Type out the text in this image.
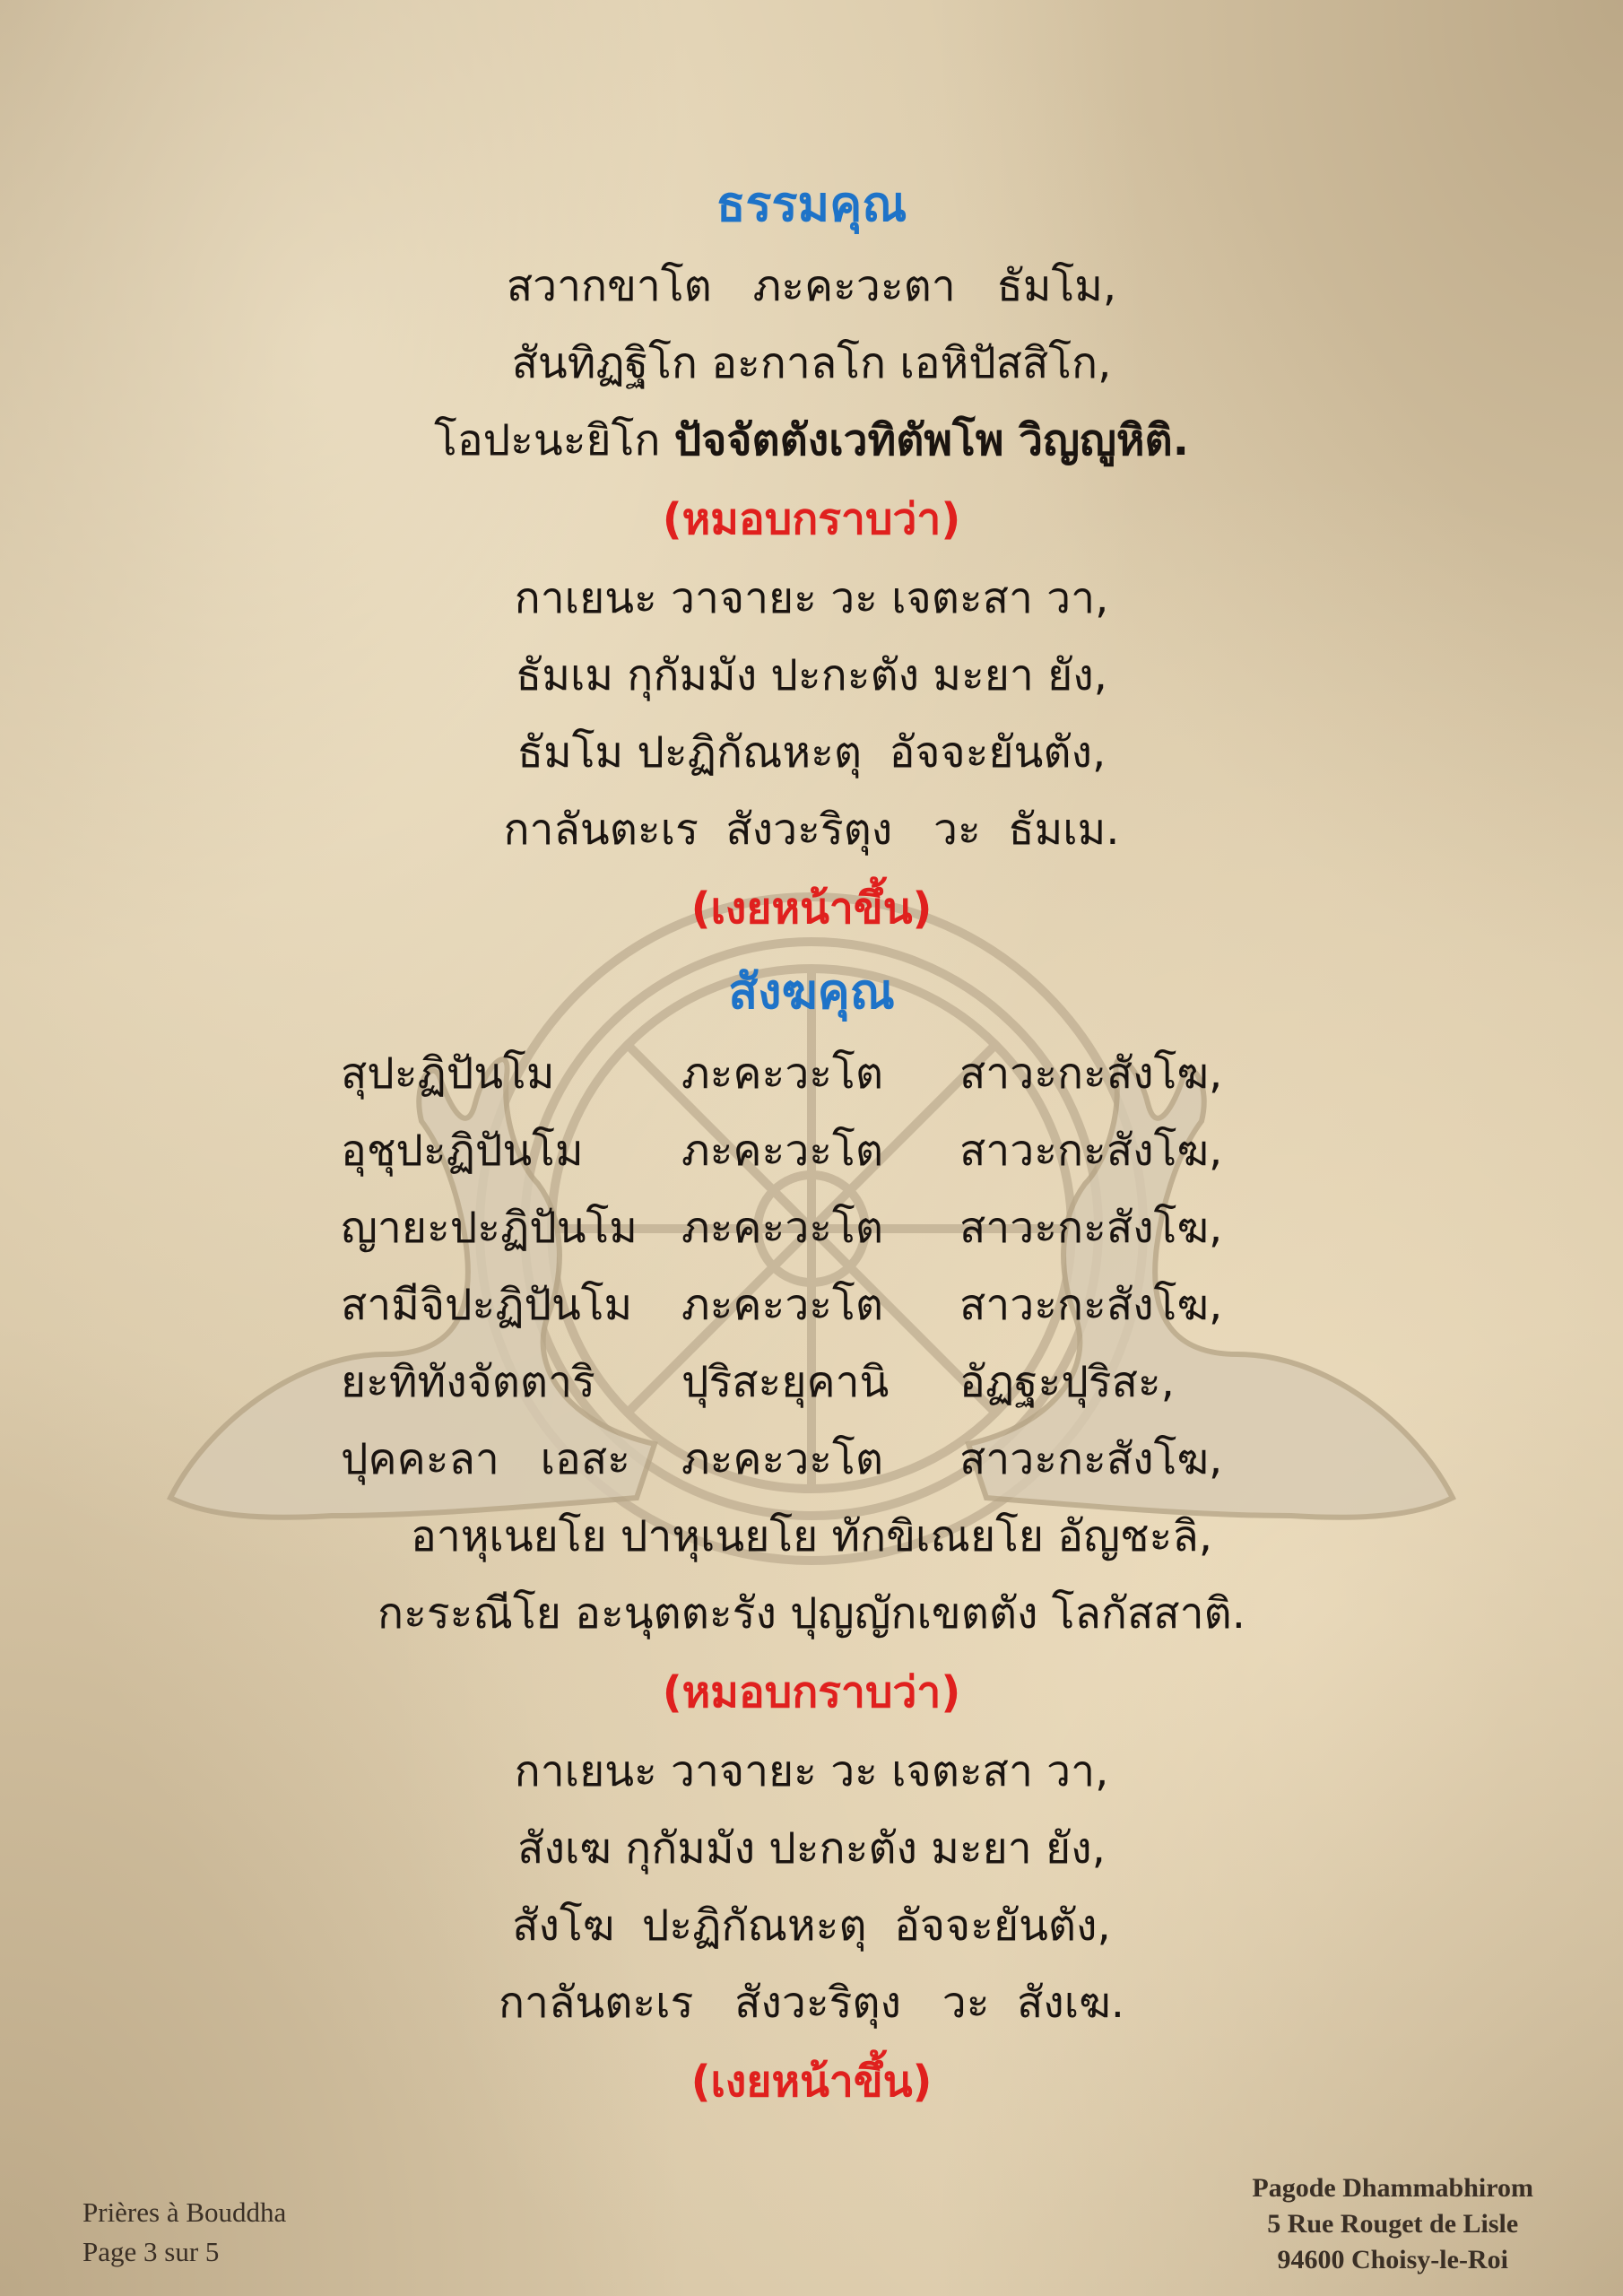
ธรรมคุณ
สวากขาโต   ภะคะวะตา   ธัมโม,
สันทิฏฐิโก อะกาลโก เอหิปัสสิโก,
โอปะนะยิโก ปัจจัตตังเวทิตัพโพ วิญญูหิติ.
(หมอบกราบว่า)
กาเยนะ วาจายะ วะ เจตะสา วา,
ธัมเม กุกัมมัง ปะกะตัง มะยา ยัง,
ธัมโม ปะฏิกัณหะตุ  อัจจะยันตัง,
กาลันตะเร  สังวะริตุง   วะ  ธัมเม.
(เงยหน้าขึ้น)
สังฆคุณ
สุปะฏิปันโม	ภะคะวะโต	สาวะกะสังโฆ,
อุชุปะฏิปันโม	ภะคะวะโต	สาวะกะสังโฆ,
ญายะปะฏิปันโม	ภะคะวะโต	สาวะกะสังโฆ,
สามีจิปะฏิปันโม	ภะคะวะโต	สาวะกะสังโฆ,
ยะทิทังจัตตาริ	ปุริสะยุคานิ	อัฏฐะปุริสะ,
ปุคคะลา   เอสะ	ภะคะวะโต	สาวะกะสังโฆ,
อาหุเนยโย ปาหุเนยโย ทักขิเณยโย อัญชะลิ,
กะระณีโย อะนุตตะรัง ปุญญักเขตตัง โลกัสสาติ.
(หมอบกราบว่า)
กาเยนะ วาจายะ วะ เจตะสา วา,
สังเฆ กุกัมมัง ปะกะตัง มะยา ยัง,
สังโฆ  ปะฏิกัณหะตุ  อัจจะยันตัง,
กาลันตะเร   สังวะริตุง   วะ  สังเฆ.
(เงยหน้าขึ้น)
Prières à Bouddha
Page 3 sur 5
Pagode Dhammabhirom
5 Rue Rouget de Lisle
94600 Choisy-le-Roi
